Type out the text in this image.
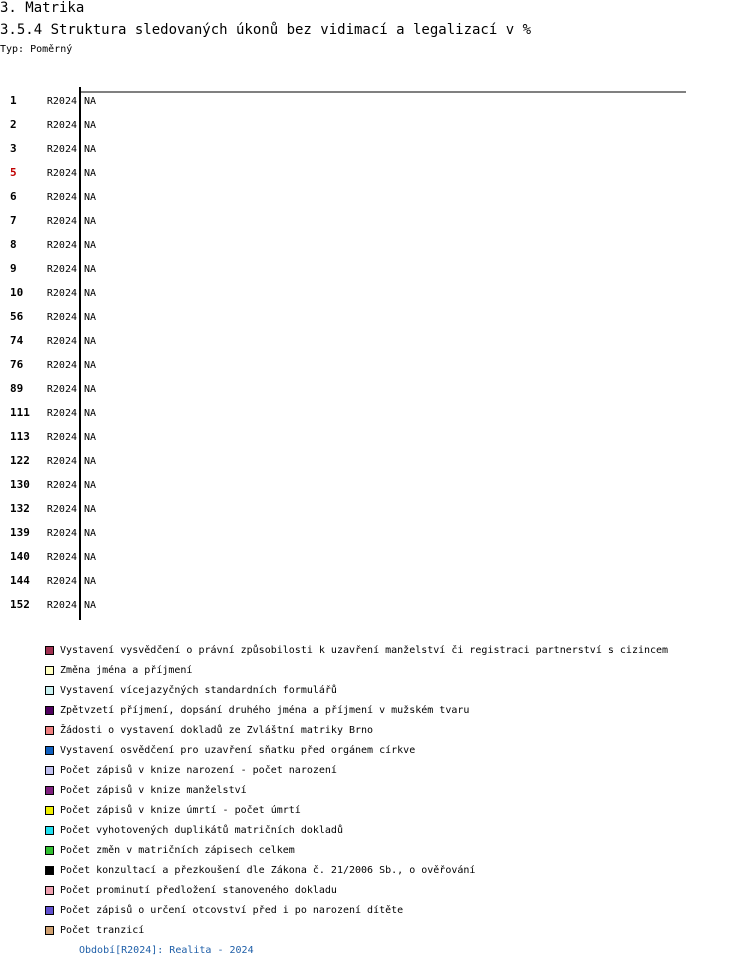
3. Matrika
3.5.4 Struktura sledovaných úkonů bez vidimací a legalizací v %
Typ: Poměrný
1	R2024 NA
2	R2024 NA
3	R2024 NA
5	R2024 NA
6	R2024 NA
7	R2024 NA
8	R2024 NA
9	R2024 NA
10 R2024 NA
56 R2024 NA
74 R2024 NA
76 R2024 NA
89 R2024 NA
111 R2024 NA
113 R2024 NA
122 R2024 NA
130 R2024 NA
132 R2024 NA
139 R2024 NA
140 R2024 NA
144 R2024 NA
152 R2024 NA
Vystavení vysvědčení o právní způsobilosti k uzavření manželství či registraci partnerství s cizincem
Změna jména a příjmení
Vystavení vícejazyčných standardních formulářů
Zpětvzetí příjmení, dopsání druhého jména a příjmení v mužském tvaru
Žádosti o vystavení dokladů ze Zvláštní matriky Brno
Vystavení osvědčení pro uzavření sňatku před orgánem církve
Počet zápisů v knize narození - počet narození
Počet zápisů v knize manželství
Počet zápisů v knize úmrtí - počet úmrtí
Počet vyhotovených duplikátů matričních dokladů
Počet změn v matričních zápisech celkem
Počet konzultací a přezkoušení dle Zákona č. 21/2006 Sb., o ověřování
Počet prominutí předložení stanoveného dokladu
Počet zápisů o určení otcovství před i po narození dítěte
Počet tranzicí
Období[R2024]: Realita - 2024
